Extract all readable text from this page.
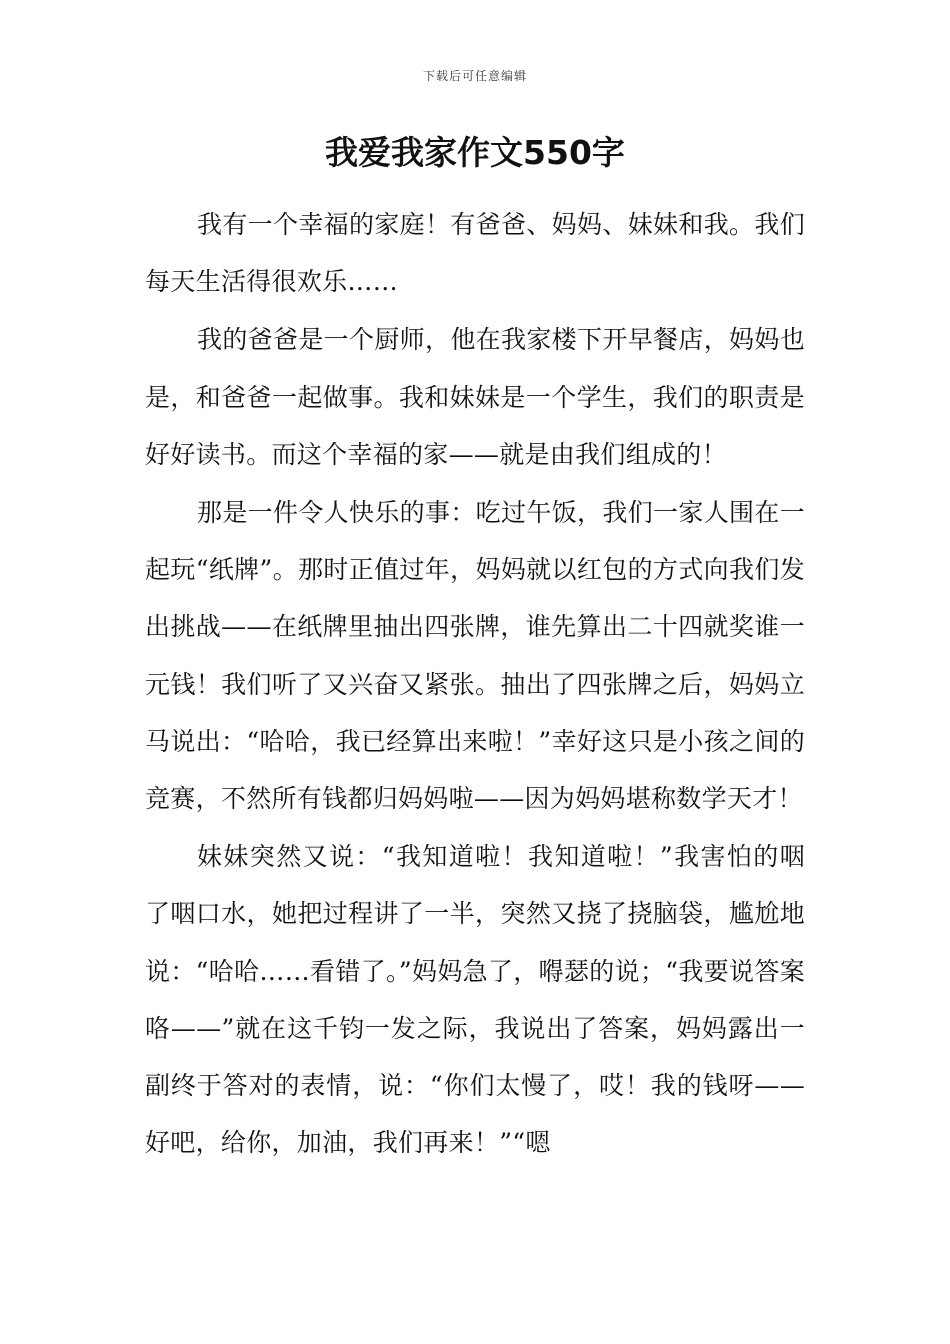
下载后可任意编辑
我爱我家作文550字

我有一个幸福的家庭！有爸爸、妈妈、妹妹和我。我们每天生活得很欢乐……

我的爸爸是一个厨师，他在我家楼下开早餐店，妈妈也是，和爸爸一起做事。我和妹妹是一个学生，我们的职责是好好读书。而这个幸福的家——就是由我们组成的！

那是一件令人快乐的事：吃过午饭，我们一家人围在一起玩“纸牌”。那时正值过年，妈妈就以红包的方式向我们发出挑战——在纸牌里抽出四张牌，谁先算出二十四就奖谁一元钱！我们听了又兴奋又紧张。抽出了四张牌之后，妈妈立马说出：“哈哈，我已经算出来啦！”幸好这只是小孩之间的竞赛，不然所有钱都归妈妈啦——因为妈妈堪称数学天才！

妹妹突然又说：“我知道啦！我知道啦！”我害怕的咽了咽口水，她把过程讲了一半，突然又挠了挠脑袋，尴尬地说：“哈哈……看错了。”妈妈急了，嘚瑟的说；“我要说答案咯——”就在这千钧一发之际，我说出了答案，妈妈露出一副终于答对的表情，说：“你们太慢了，哎！我的钱呀——好吧，给你，加油，我们再来！”“嗯
